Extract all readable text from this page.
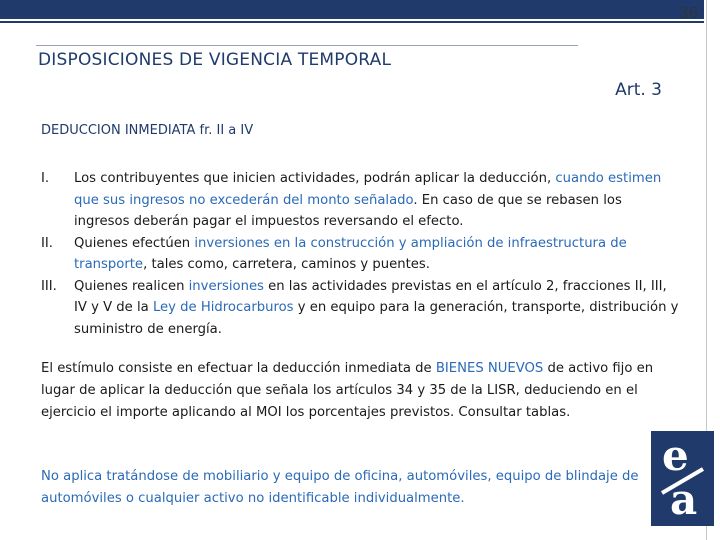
36
DISPOSICIONES DE VIGENCIA TEMPORAL
Art. 3
DEDUCCION INMEDIATA fr. II a IV
I. Los contribuyentes que inicien actividades, podrán aplicar la deducción, cuando estimen que sus ingresos no excederán del monto señalado. En caso de que se rebasen los ingresos deberán pagar el impuestos reversando el efecto.
II. Quienes efectúen inversiones en la construcción y ampliación de infraestructura de transporte, tales como, carretera, caminos y puentes.
III. Quienes realicen inversiones en las actividades previstas en el artículo 2, fracciones II, III, IV y V de la Ley de Hidrocarburos y en equipo para la generación, transporte, distribución y suministro de energía.
El estímulo consiste en efectuar la deducción inmediata de BIENES NUEVOS de activo fijo en lugar de aplicar la deducción que señala los artículos 34 y 35 de la LISR, deduciendo en el ejercicio el importe aplicando al MOI los porcentajes previstos. Consultar tablas.
No aplica tratándose de mobiliario y equipo de oficina, automóviles, equipo de blindaje de automóviles o cualquier activo no identificable individualmente.
e
a
